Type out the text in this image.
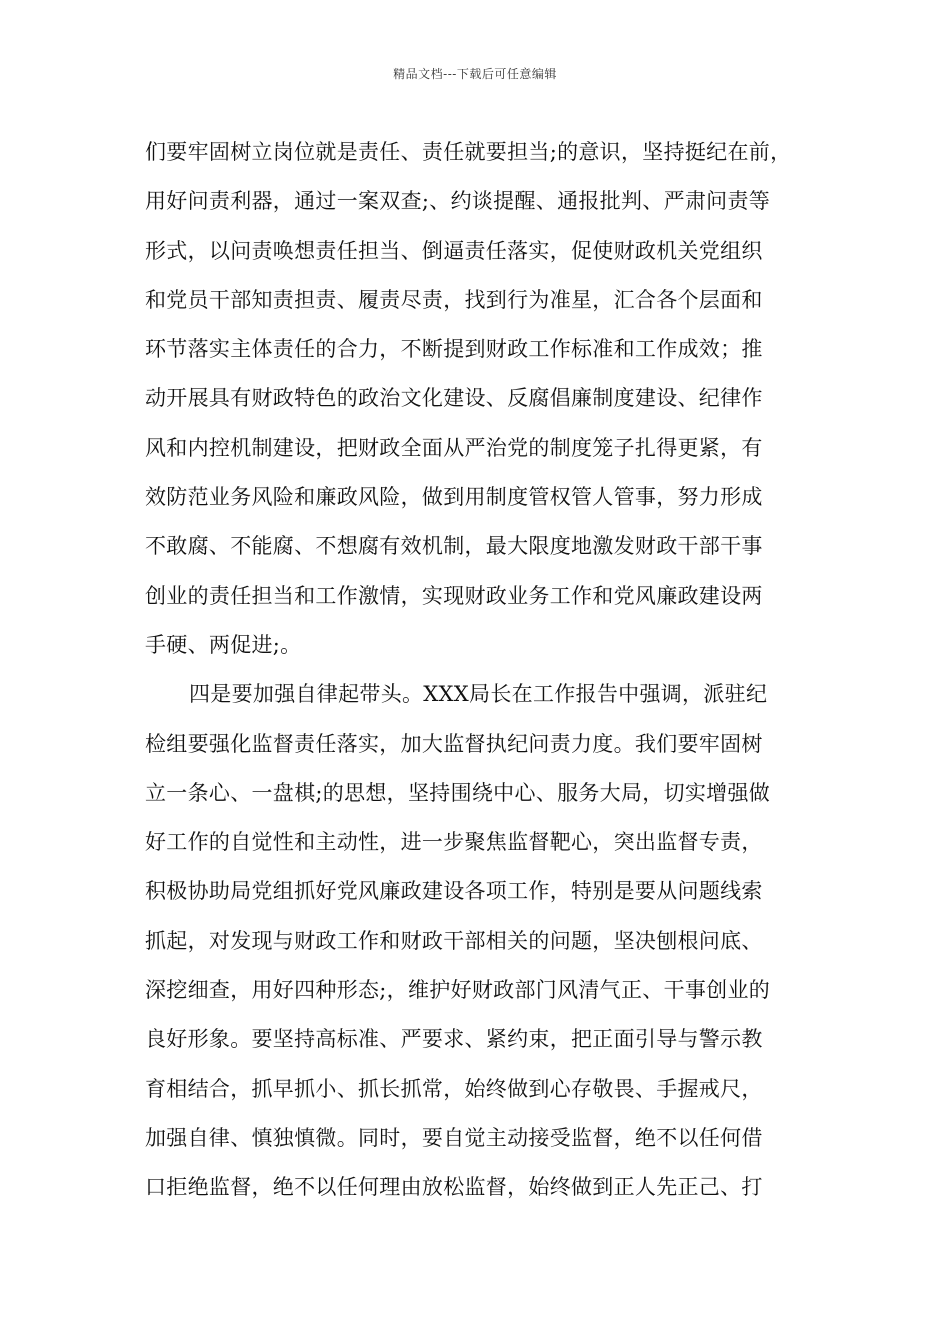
精品文档---下载后可任意编辑
们要牢固树立岗位就是责任、责任就要担当;的意识，坚持挺纪在前，
用好问责利器，通过一案双查;、约谈提醒、通报批判、严肃问责等
形式，以问责唤想责任担当、倒逼责任落实，促使财政机关党组织
和党员干部知责担责、履责尽责，找到行为准星，汇合各个层面和
环节落实主体责任的合力，不断提到财政工作标准和工作成效；推
动开展具有财政特色的政治文化建设、反腐倡廉制度建设、纪律作
风和内控机制建设，把财政全面从严治党的制度笼子扎得更紧，有
效防范业务风险和廉政风险，做到用制度管权管人管事，努力形成
不敢腐、不能腐、不想腐有效机制，最大限度地激发财政干部干事
创业的责任担当和工作激情，实现财政业务工作和党风廉政建设两
手硬、两促进;。
四是要加强自律起带头。XXX局长在工作报告中强调，派驻纪
检组要强化监督责任落实，加大监督执纪问责力度。我们要牢固树
立一条心、一盘棋;的思想，坚持围绕中心、服务大局，切实增强做
好工作的自觉性和主动性，进一步聚焦监督靶心，突出监督专责，
积极协助局党组抓好党风廉政建设各项工作，特别是要从问题线索
抓起，对发现与财政工作和财政干部相关的问题，坚决刨根问底、
深挖细查，用好四种形态;，维护好财政部门风清气正、干事创业的
良好形象。要坚持高标准、严要求、紧约束，把正面引导与警示教
育相结合，抓早抓小、抓长抓常，始终做到心存敬畏、手握戒尺，
加强自律、慎独慎微。同时，要自觉主动接受监督，绝不以任何借
口拒绝监督，绝不以任何理由放松监督，始终做到正人先正己、打
